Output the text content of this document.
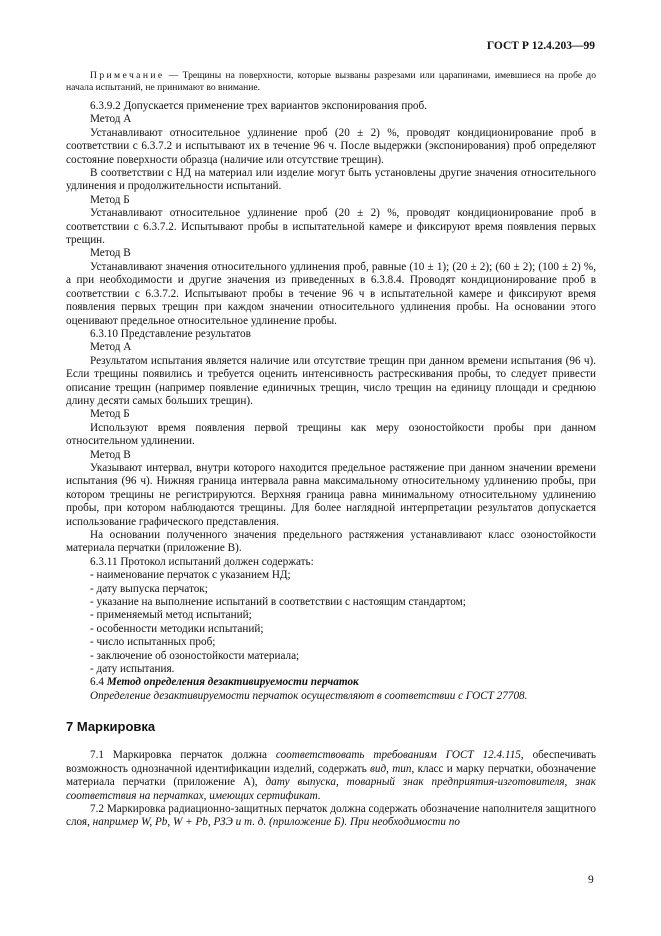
ГОСТ Р 12.4.203—99

Примечание — Трещины на поверхности, которые вызваны разрезами или царапинами, имевшиеся на пробе до начала испытаний, не принимают во внимание.

6.3.9.2 Допускается применение трех вариантов экспонирования проб.

Метод А

Устанавливают относительное удлинение проб (20 ± 2) %, проводят кондиционирование проб в соответствии с 6.3.7.2 и испытывают их в течение 96 ч. После выдержки (экспонирования) проб определяют состояние поверхности образца (наличие или отсутствие трещин).

В соответствии с НД на материал или изделие могут быть установлены другие значения относительного удлинения и продолжительности испытаний.

Метод Б

Устанавливают относительное удлинение проб (20 ± 2) %, проводят кондиционирование проб в соответствии с 6.3.7.2. Испытывают пробы в испытательной камере и фиксируют время появления первых трещин.

Метод В

Устанавливают значения относительного удлинения проб, равные (10 ± 1); (20 ± 2); (60 ± 2); (100 ± 2) %, а при необходимости и другие значения из приведенных в 6.3.8.4. Проводят кондиционирование проб в соответствии с 6.3.7.2. Испытывают пробы в течение 96 ч в испытательной камере и фиксируют время появления первых трещин при каждом значении относительного удлинения пробы. На основании этого оценивают предельное относительное удлинение пробы.

6.3.10 Представление результатов

Метод А

Результатом испытания является наличие или отсутствие трещин при данном времени испытания (96 ч). Если трещины появились и требуется оценить интенсивность растрескивания пробы, то следует привести описание трещин (например появление единичных трещин, число трещин на единицу площади и среднюю длину десяти самых больших трещин).

Метод Б

Используют время появления первой трещины как меру озоностойкости пробы при данном относительном удлинении.

Метод В

Указывают интервал, внутри которого находится предельное растяжение при данном значении времени испытания (96 ч). Нижняя граница интервала равна максимальному относительному удлинению пробы, при котором трещины не регистрируются. Верхняя граница равна минимальному относительному удлинению пробы, при котором наблюдаются трещины. Для более наглядной интерпретации результатов допускается использование графического представления.

На основании полученного значения предельного растяжения устанавливают класс озоностойкости материала перчатки (приложение В).

6.3.11 Протокол испытаний должен содержать:

- наименование перчаток с указанием НД;

- дату выпуска перчаток;

- указание на выполнение испытаний в соответствии с настоящим стандартом;

- применяемый метод испытаний;

- особенности методики испытаний;

- число испытанных проб;

- заключение об озоностойкости материала;

- дату испытания.

6.4 Метод определения дезактивируемости перчаток

Определение дезактивируемости перчаток осуществляют в соответствии с ГОСТ 27708.

7 Маркировка

7.1 Маркировка перчаток должна соответствовать требованиям ГОСТ 12.4.115, обеспечивать возможность однозначной идентификации изделий, содержать вид, тип, класс и марку перчатки, обозначение материала перчатки (приложение А), дату выпуска, товарный знак предприятия-изготовителя, знак соответствия на перчатках, имеющих сертификат.

7.2 Маркировка радиационно-защитных перчаток должна содержать обозначение наполнителя защитного слоя, например W, Pb, W + Pb, РЗЭ и т. д. (приложение Б). При необходимости по

9
